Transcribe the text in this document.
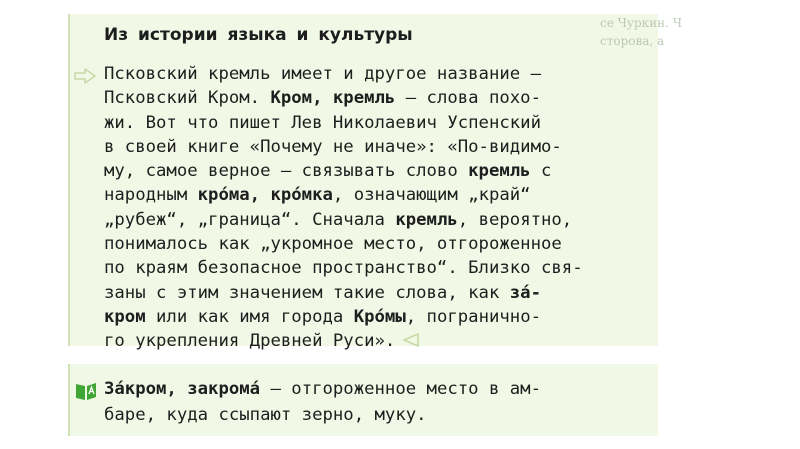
се Чуркин. Ч
сторова, а
Из истории языка и культуры

Псковский кремль имеет и другое название —
Псковский Кром. Кром, кремль — слова похо-
жи. Вот что пишет Лев Николаевич Успенский
в своей книге «Почему не иначе»: «По-видимо-
му, самое верное — связывать слово кремль с
народным кро́ма, кро́мка, означающим „край“
„рубеж“, „граница“. Сначала кремль, вероятно,
понималось как „укромное место, отгороженное
по краям безопасное пространство“. Близко свя-
заны с этим значением такие слова, как за́-
кром или как имя города Кро́мы, погранично-
го укрепления Древней Руси».

За́кром, закрома́ — отгороженное место в ам-
баре, куда ссыпают зерно, муку.
